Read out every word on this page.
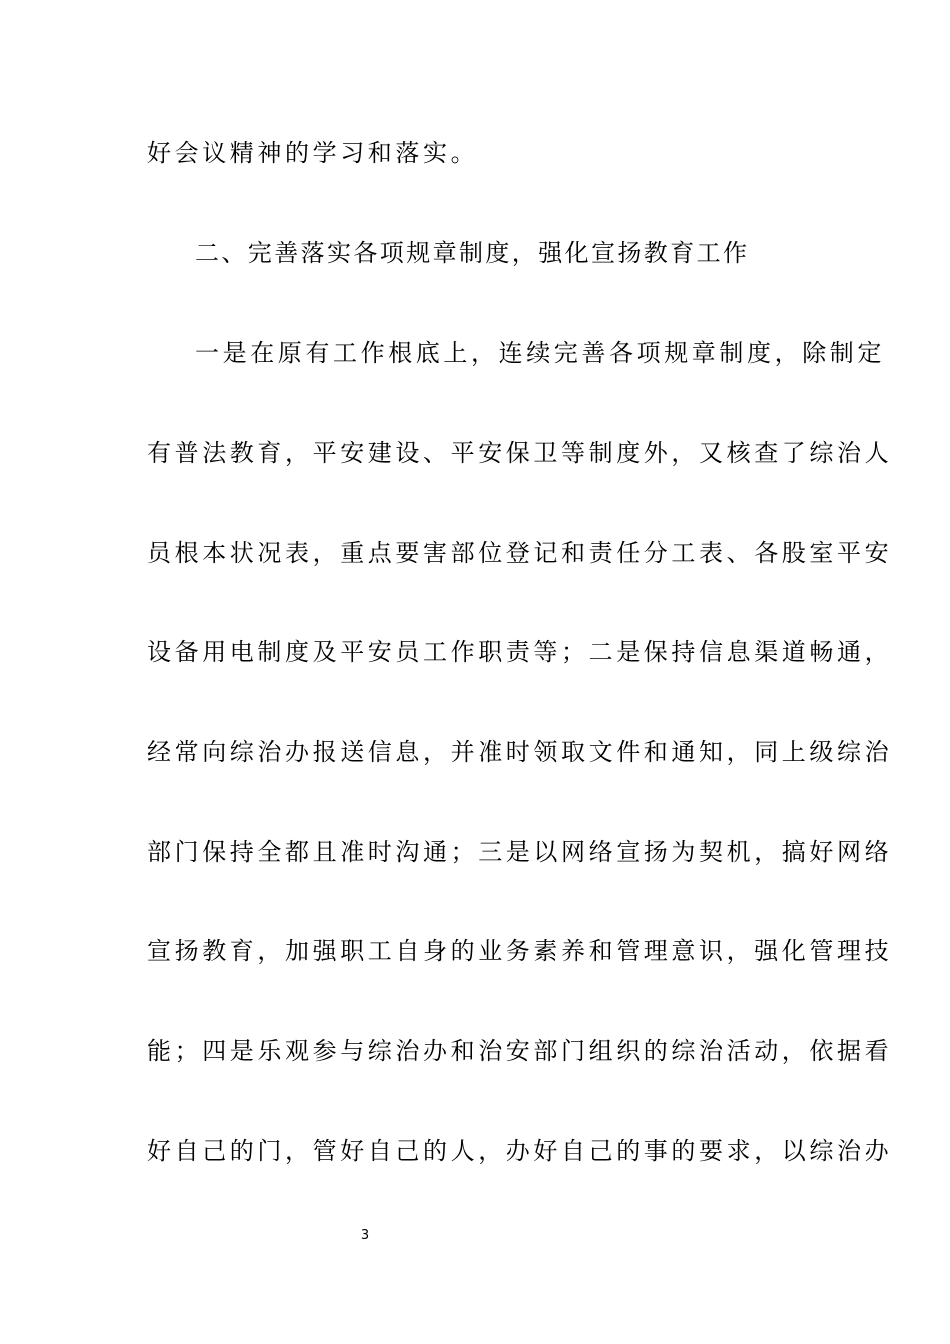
好会议精神的学习和落实。
二、完善落实各项规章制度，强化宣扬教育工作
一是在原有工作根底上，连续完善各项规章制度，除制定
有普法教育，平安建设、平安保卫等制度外，又核查了综治人
员根本状况表，重点要害部位登记和责任分工表、各股室平安
设备用电制度及平安员工作职责等；二是保持信息渠道畅通，
经常向综治办报送信息，并准时领取文件和通知，同上级综治
部门保持全都且准时沟通；三是以网络宣扬为契机，搞好网络
宣扬教育，加强职工自身的业务素养和管理意识，强化管理技
能；四是乐观参与综治办和治安部门组织的综治活动，依据看
好自己的门，管好自己的人，办好自己的事的要求，以综治办
3
